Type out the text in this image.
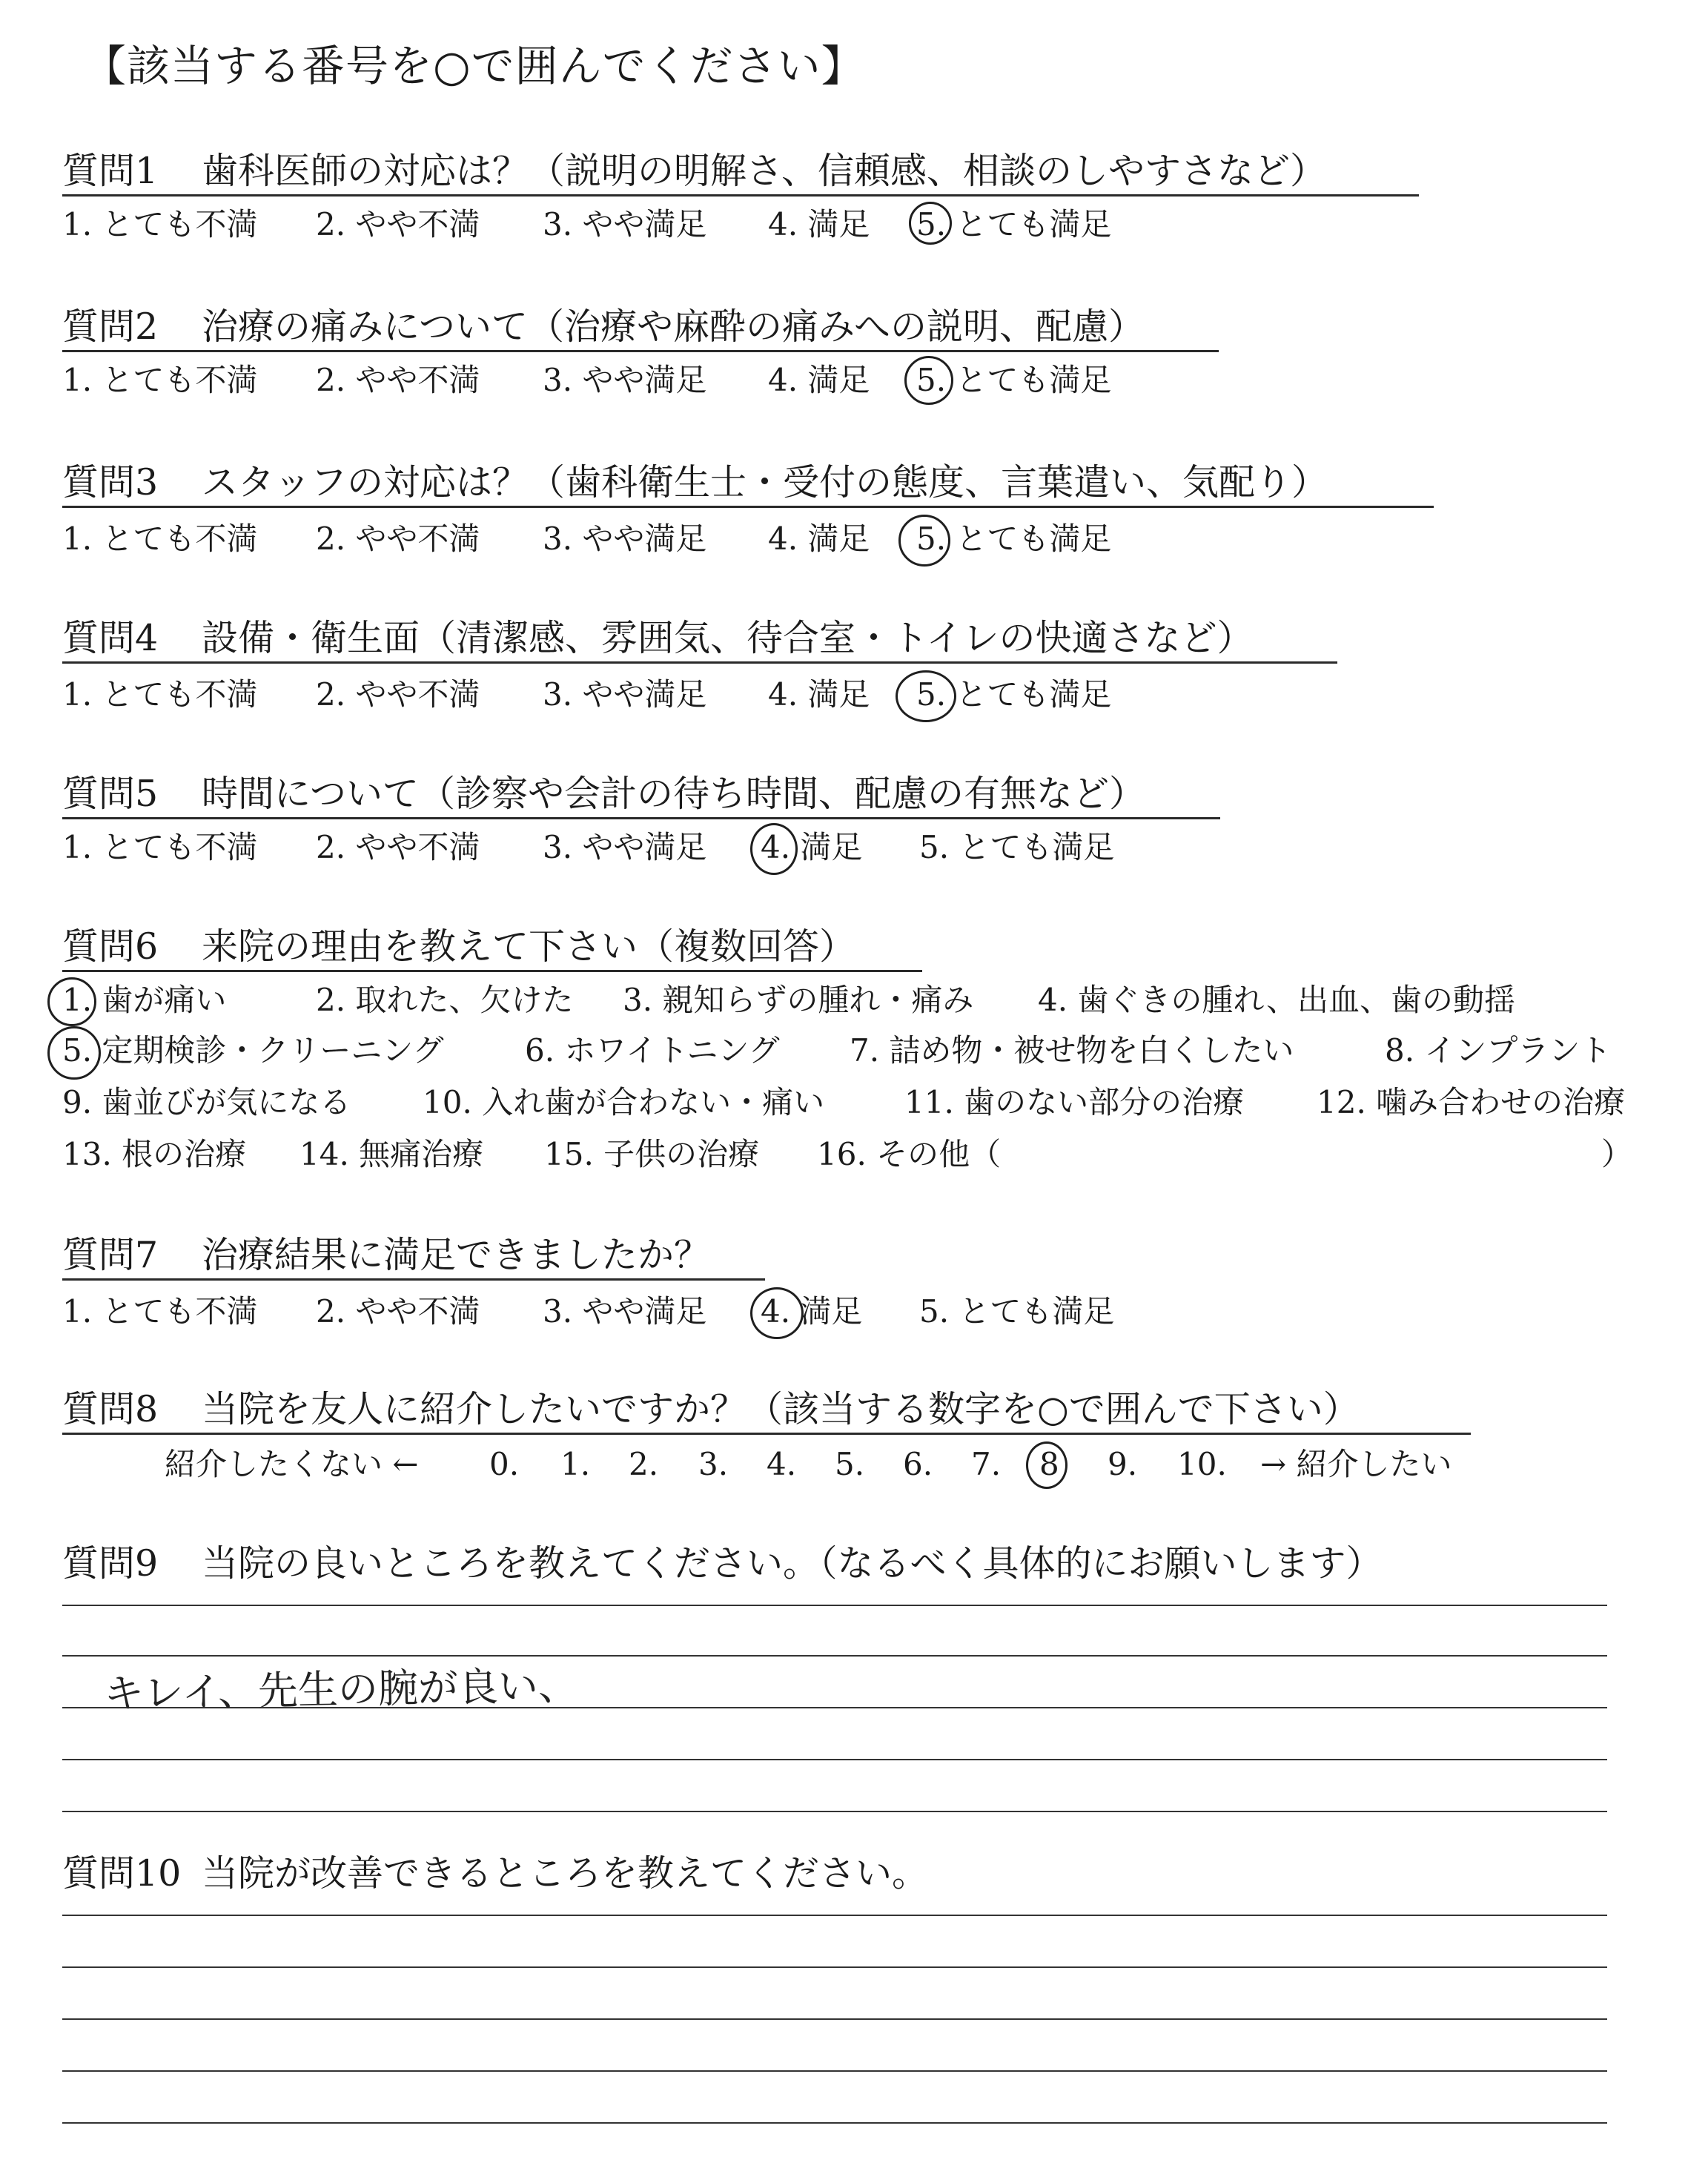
【該当する番号を○で囲んでください】
質問1 歯科医師の対応は？（説明の明解さ、信頼感、相談のしやすさなど）
1. とても不満 2. やや不満 3. やや満足 4. 満足 5. とても満足
質問2 治療の痛みについて（治療や麻酔の痛みへの説明、配慮）
1. とても不満 2. やや不満 3. やや満足 4. 満足 5. とても満足
質問3 スタッフの対応は？（歯科衛生士・受付の態度、言葉遣い、気配り）
1. とても不満 2. やや不満 3. やや満足 4. 満足 5. とても満足
質問4 設備・衛生面（清潔感、雰囲気、待合室・トイレの快適さなど）
1. とても不満 2. やや不満 3. やや満足 4. 満足 5. とても満足
質問5 時間について（診察や会計の待ち時間、配慮の有無など）
1. とても不満 2. やや不満 3. やや満足 4. 満足 5. とても満足
質問6 来院の理由を教えて下さい（複数回答）
1. 歯が痛い	2. 取れた、欠けた 3. 親知らずの腫れ・痛み 4. 歯ぐきの腫れ、出血、歯の動揺
5. 定期検診・クリーニング	6. ホワイトニング 7. 詰め物・被せ物を白くしたい	8. インプラント
9. 歯並びが気になる 10. 入れ歯が合わない・痛い	11. 歯のない部分の治療 12. 噛み合わせの治療
13. 根の治療 14. 無痛治療 15. 子供の治療 16. その他（	）
質問7 治療結果に満足できましたか？
1. とても不満 2. やや不満 3. やや満足 4. 満足 5. とても満足
質問8 当院を友人に紹介したいですか？（該当する数字を○で囲んで下さい）
紹介したくない ← 0. 1. 2. 3. 4. 5. 6. 7. 8 9. 10. → 紹介したい
質問9 当院の良いところを教えてください。（なるべく具体的にお願いします）
キレイ、先生の腕が良い、
質問10 当院が改善できるところを教えてください。
